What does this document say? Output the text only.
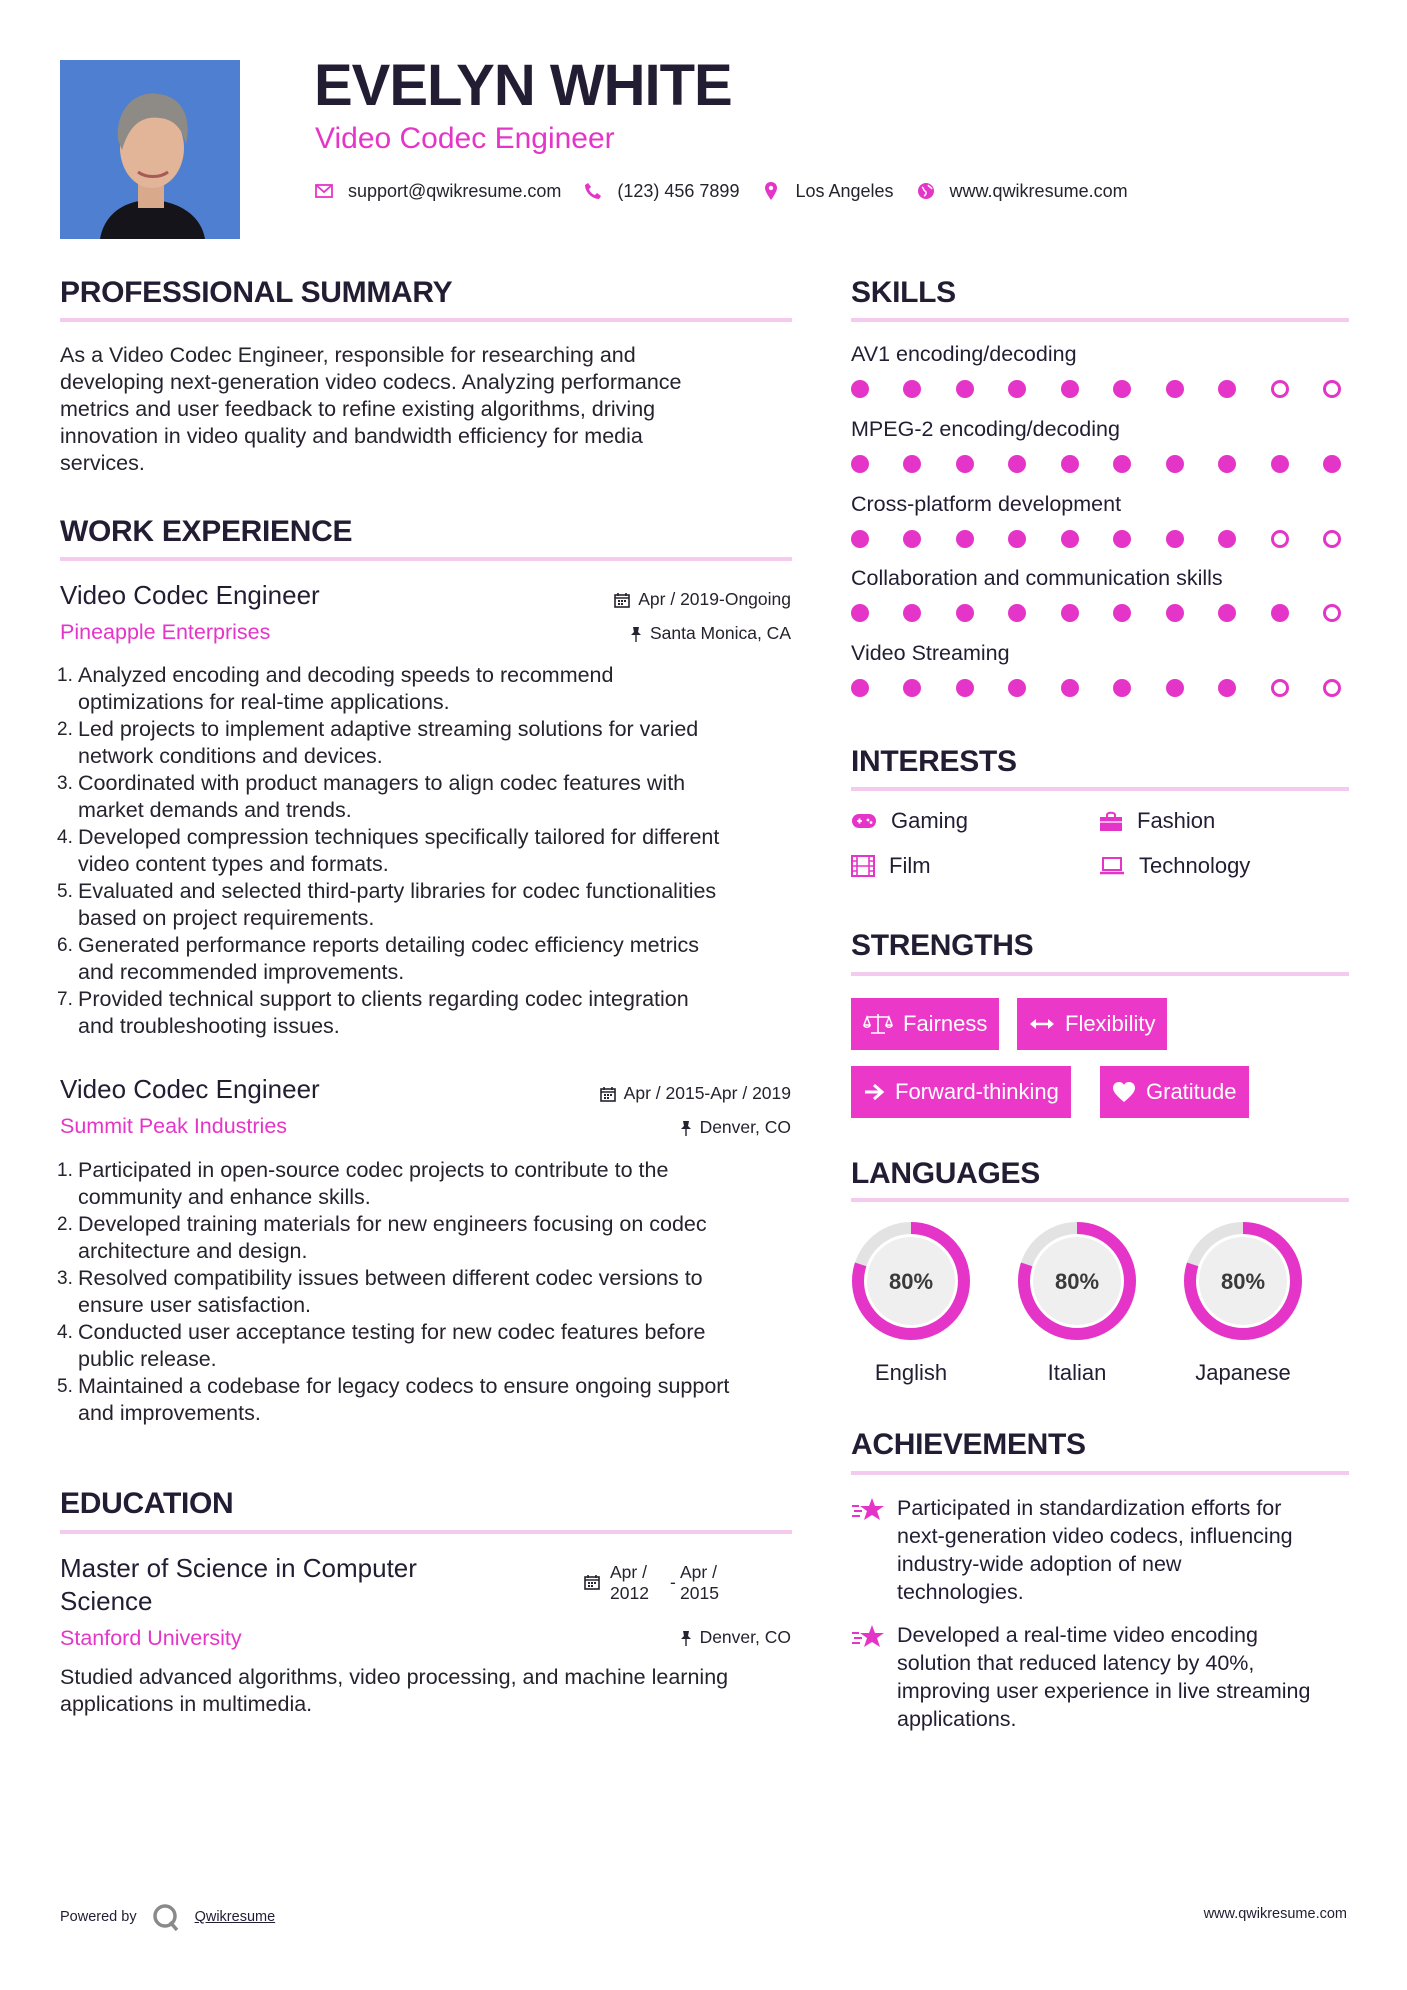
EVELYN WHITE
Video Codec Engineer
support@qwikresume.com	(123) 456 7899	Los Angeles	www.qwikresume.com
PROFESSIONAL SUMMARY
As a Video Codec Engineer, responsible for researching and
developing next-generation video codecs. Analyzing performance
metrics and user feedback to refine existing algorithms, driving
innovation in video quality and bandwidth efficiency for media
services.
WORK EXPERIENCE
Video Codec Engineer	Apr / 2019-Ongoing
Pineapple Enterprises	Santa Monica, CA
1. Analyzed encoding and decoding speeds to recommend
optimizations for real-time applications.
2. Led projects to implement adaptive streaming solutions for varied
network conditions and devices.
3. Coordinated with product managers to align codec features with
market demands and trends.
4. Developed compression techniques specifically tailored for different
video content types and formats.
5. Evaluated and selected third-party libraries for codec functionalities
based on project requirements.
6. Generated performance reports detailing codec efficiency metrics
and recommended improvements.
7. Provided technical support to clients regarding codec integration
and troubleshooting issues.
Video Codec Engineer	Apr / 2015-Apr / 2019
Summit Peak Industries	Denver, CO
1. Participated in open-source codec projects to contribute to the
community and enhance skills.
2. Developed training materials for new engineers focusing on codec
architecture and design.
3. Resolved compatibility issues between different codec versions to
ensure user satisfaction.
4. Conducted user acceptance testing for new codec features before
public release.
5. Maintained a codebase for legacy codecs to ensure ongoing support
and improvements.
EDUCATION
Master of Science in Computer
Science
Apr /
2012
- Apr /
2015
Stanford University	Denver, CO
Studied advanced algorithms, video processing, and machine learning
applications in multimedia.
SKILLS
AV1 encoding/decoding
MPEG-2 encoding/decoding
Cross-platform development
Collaboration and communication skills
Video Streaming
INTERESTS
Gaming	Fashion
Film	Technology
STRENGTHS
Fairness	Flexibility
Forward-thinking	Gratitude
LANGUAGES
80%
English
80%
Italian
80%
Japanese
ACHIEVEMENTS
Participated in standardization efforts for
next-generation video codecs, influencing
industry-wide adoption of new
technologies.
Developed a real-time video encoding
solution that reduced latency by 40%,
improving user experience in live streaming
applications.
Powered by	Qwikresume	www.qwikresume.com
